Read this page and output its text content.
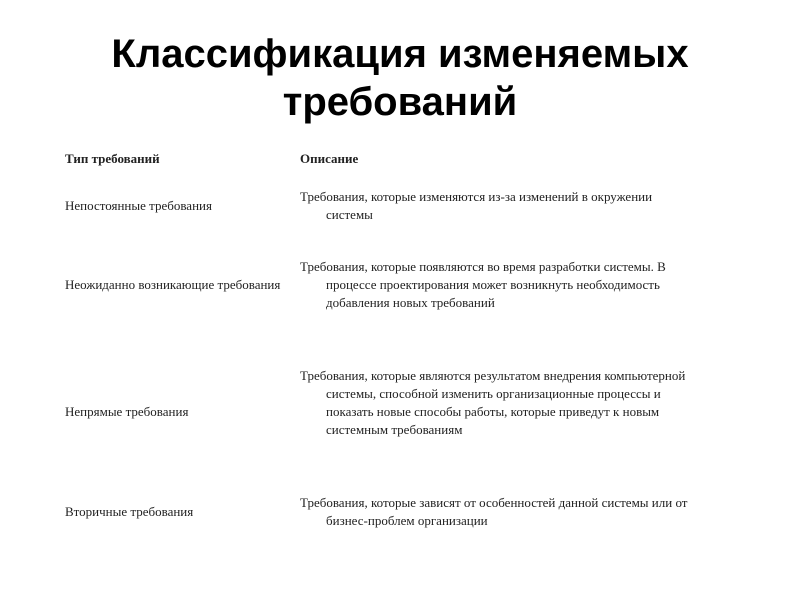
Классификация изменяемых
требований
Тип требований	Описание
Непостоянные требования
Требования, которые изменяются из-за изменений в окружении системы
Неожиданно возникающие требования
Требования, которые появляются во время разработки системы. В процессе проектирования может возникнуть необходимость добавления новых требований
Непрямые требования
Требования, которые являются результатом внедрения компьютерной системы, способной изменить организационные процессы и показать новые способы работы, которые приведут к новым системным требованиям
Вторичные требования
Требования, которые зависят от особенностей данной системы или от бизнес-проблем организации
